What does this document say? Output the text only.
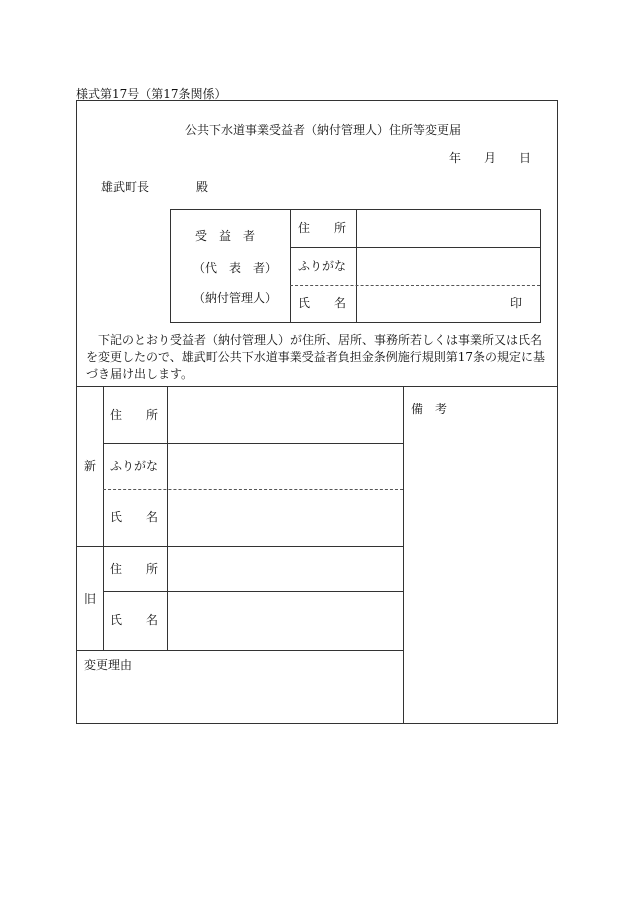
様式第17号（第17条関係）
公共下水道事業受益者（納付管理人）住所等変更届
年 月 日
雄武町長	殿
受　益　者
（代　表　者）
（納付管理人）
住　　所
ふりがな
氏　　名	印
下記のとおり受益者（納付管理人）が住所、居所、事務所若しくは事業所又は氏名を変更したので、雄武町公共下水道事業受益者負担金条例施行規則第17条の規定に基づき届け出します。
新
住　　所
ふりがな
氏　　名
旧
住　　所
氏　　名
備　考
変更理由
